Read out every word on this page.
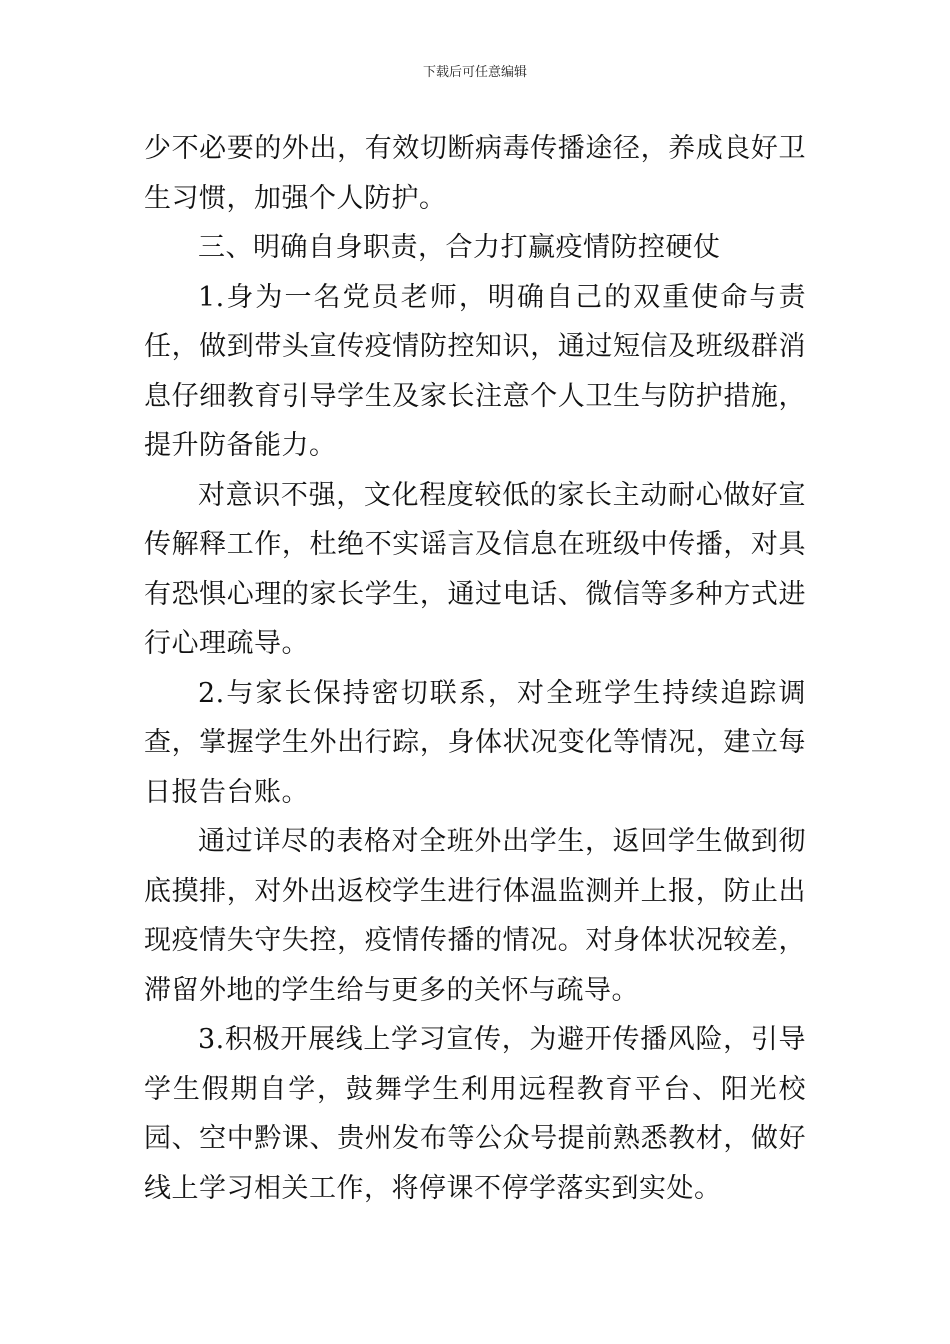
下载后可任意编辑

少不必要的外出，有效切断病毒传播途径，养成良好卫生习惯，加强个人防护。

三、明确自身职责，合力打赢疫情防控硬仗

1.身为一名党员老师，明确自己的双重使命与责任，做到带头宣传疫情防控知识，通过短信及班级群消息仔细教育引导学生及家长注意个人卫生与防护措施，提升防备能力。

对意识不强，文化程度较低的家长主动耐心做好宣传解释工作，杜绝不实谣言及信息在班级中传播，对具有恐惧心理的家长学生，通过电话、微信等多种方式进行心理疏导。

2.与家长保持密切联系，对全班学生持续追踪调查，掌握学生外出行踪，身体状况变化等情况，建立每日报告台账。

通过详尽的表格对全班外出学生，返回学生做到彻底摸排，对外出返校学生进行体温监测并上报，防止出现疫情失守失控，疫情传播的情况。对身体状况较差，滞留外地的学生给与更多的关怀与疏导。

3.积极开展线上学习宣传，为避开传播风险，引导学生假期自学，鼓舞学生利用远程教育平台、阳光校园、空中黔课、贵州发布等公众号提前熟悉教材，做好线上学习相关工作，将停课不停学落实到实处。
